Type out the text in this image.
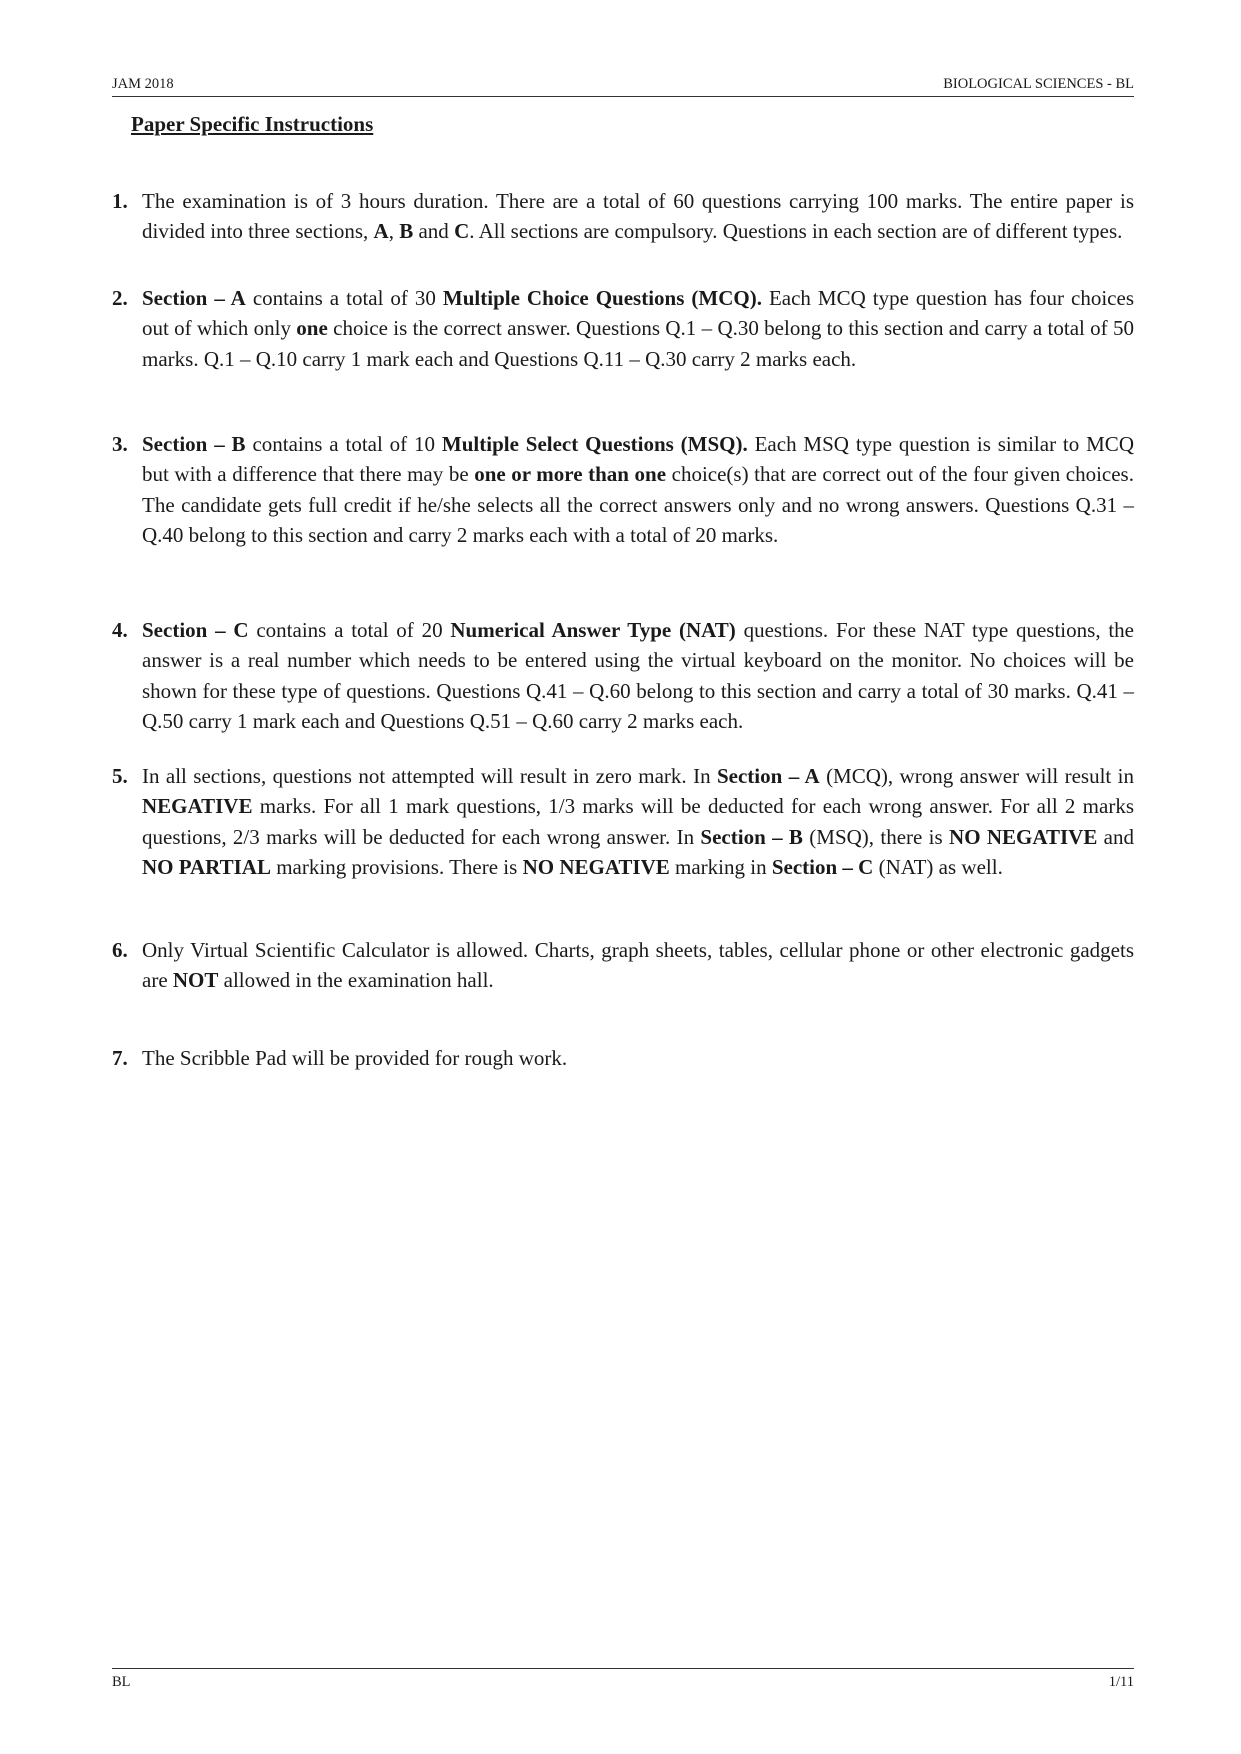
JAM 2018	BIOLOGICAL SCIENCES - BL
Paper Specific Instructions
1. The examination is of 3 hours duration. There are a total of 60 questions carrying 100 marks. The entire paper is divided into three sections, A, B and C. All sections are compulsory. Questions in each section are of different types.
2. Section – A contains a total of 30 Multiple Choice Questions (MCQ). Each MCQ type question has four choices out of which only one choice is the correct answer. Questions Q.1 – Q.30 belong to this section and carry a total of 50 marks. Q.1 – Q.10 carry 1 mark each and Questions Q.11 – Q.30 carry 2 marks each.
3. Section – B contains a total of 10 Multiple Select Questions (MSQ). Each MSQ type question is similar to MCQ but with a difference that there may be one or more than one choice(s) that are correct out of the four given choices. The candidate gets full credit if he/she selects all the correct answers only and no wrong answers. Questions Q.31 – Q.40 belong to this section and carry 2 marks each with a total of 20 marks.
4. Section – C contains a total of 20 Numerical Answer Type (NAT) questions. For these NAT type questions, the answer is a real number which needs to be entered using the virtual keyboard on the monitor. No choices will be shown for these type of questions. Questions Q.41 – Q.60 belong to this section and carry a total of 30 marks. Q.41 – Q.50 carry 1 mark each and Questions Q.51 – Q.60 carry 2 marks each.
5. In all sections, questions not attempted will result in zero mark. In Section – A (MCQ), wrong answer will result in NEGATIVE marks. For all 1 mark questions, 1/3 marks will be deducted for each wrong answer. For all 2 marks questions, 2/3 marks will be deducted for each wrong answer. In Section – B (MSQ), there is NO NEGATIVE and NO PARTIAL marking provisions. There is NO NEGATIVE marking in Section – C (NAT) as well.
6. Only Virtual Scientific Calculator is allowed. Charts, graph sheets, tables, cellular phone or other electronic gadgets are NOT allowed in the examination hall.
7. The Scribble Pad will be provided for rough work.
BL	1/11
